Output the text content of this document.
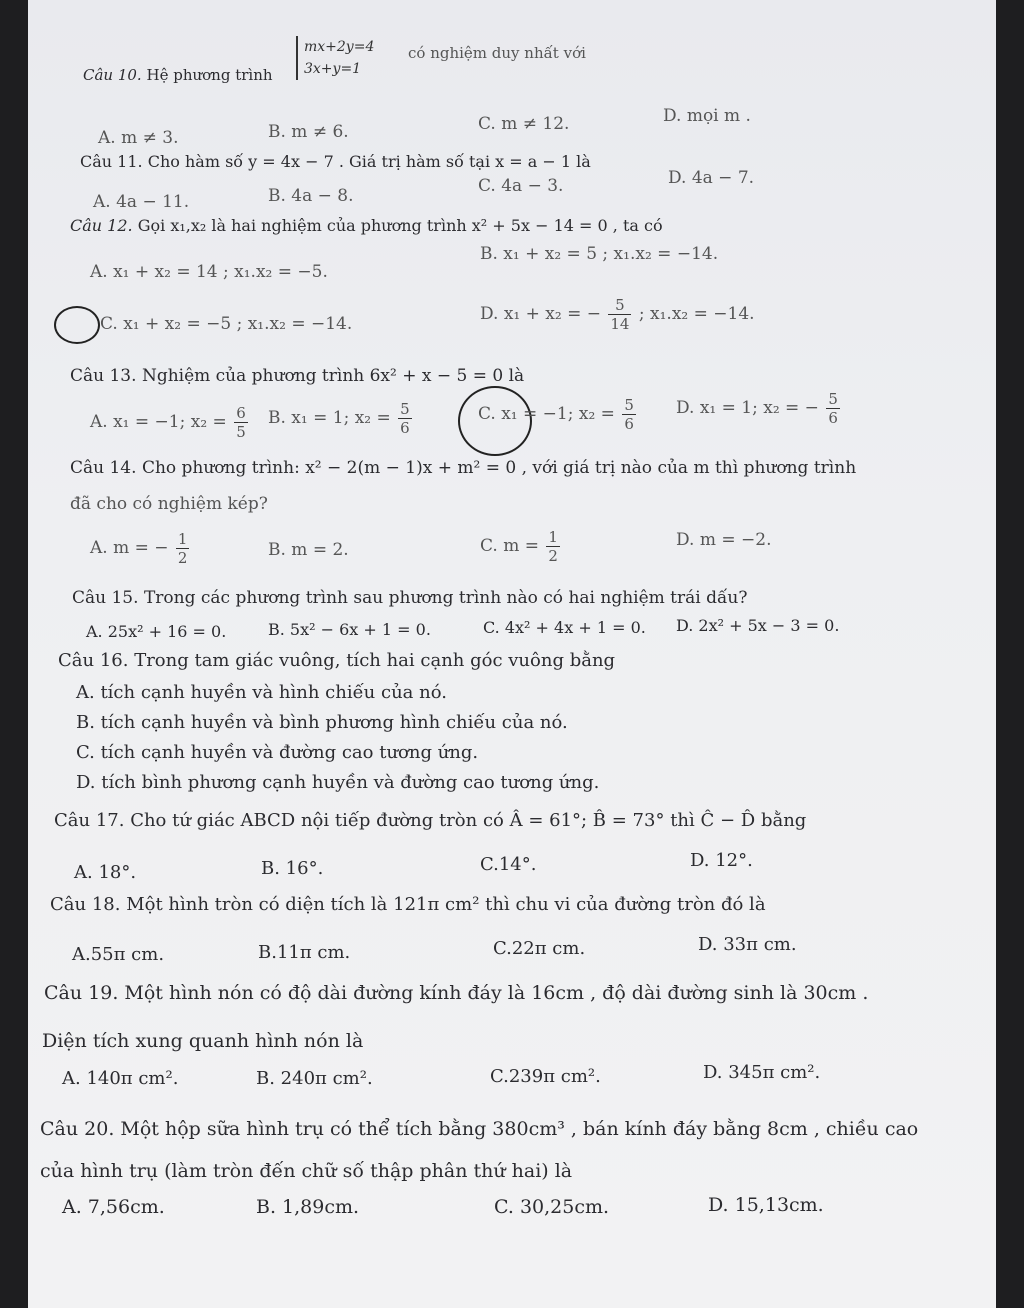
Câu 10. Hệ phương trình
mx+2y=4
3x+y=1
có nghiệm duy nhất với
A. m ≠ 3.	B. m ≠ 6.	C. m ≠ 12.	D. mọi m .
Câu 11. Cho hàm số y = 4x − 7 . Giá trị hàm số tại x = a − 1 là
A. 4a − 11.	B. 4a − 8.	C. 4a − 3.	D. 4a − 7.
Câu 12. Gọi x₁,x₂ là hai nghiệm của phương trình x² + 5x − 14 = 0 , ta có
A. x₁ + x₂ = 14 ; x₁.x₂ = −5.
B. x₁ + x₂ = 5 ; x₁.x₂ = −14.
C. x₁ + x₂ = −5 ; x₁.x₂ = −14.	D. x₁ + x₂ = − $\frac{5}{14}$ ; x₁.x₂ = −14.
Câu 13. Nghiệm của phương trình 6x² + x − 5 = 0 là
A. x₁ = −1; $x_2 = \frac{6}{5} B$. x₁ = 1; $x_2 = \frac{5}{6}$	C. x₁ = −1; $x_2 = \frac{5}{6} D$. x₁ = 1; x₂ = − $\frac{5}{6}$
Câu 14. Cho phương trình: x² − 2(m − 1)x + m² = 0 , với giá trị nào của m thì phương trình
đã cho có nghiệm kép?
A. m = − $\frac{1}{2}$	B. m = 2.	C. $m = \frac{1}{2}$	D. m = −2.
Câu 15. Trong các phương trình sau phương trình nào có hai nghiệm trái dấu?
A. 25x² + 16 = 0.	B. 5x² − 6x + 1 = 0.	C. 4x² + 4x + 1 = 0. D. 2x² + 5x − 3 = 0.
Câu 16. Trong tam giác vuông, tích hai cạnh góc vuông bằng
A. tích cạnh huyền và hình chiếu của nó.
B. tích cạnh huyền và bình phương hình chiếu của nó.
C. tích cạnh huyền và đường cao tương ứng.
D. tích bình phương cạnh huyền và đường cao tương ứng.
Câu 17. Cho tứ giác ABCD nội tiếp đường tròn có Â = 61°; B̂ = 73° thì Ĉ − D̂ bằng
A. 18°.	B. 16°.	C.14°.	D. 12°.
Câu 18. Một hình tròn có diện tích là 121π cm² thì chu vi của đường tròn đó là
A.55π cm.	B.11π cm.	C.22π cm.	D. 33π cm.
Câu 19. Một hình nón có độ dài đường kính đáy là 16cm , độ dài đường sinh là 30cm .
Diện tích xung quanh hình nón là
A. 140π cm².	B. 240π cm².	C.239π cm².	D. 345π cm².
Câu 20. Một hộp sữa hình trụ có thể tích bằng 380cm³ , bán kính đáy bằng 8cm , chiều cao
của hình trụ (làm tròn đến chữ số thập phân thứ hai) là
A. 7,56cm.	B. 1,89cm.	C. 30,25cm.	D. 15,13cm.
